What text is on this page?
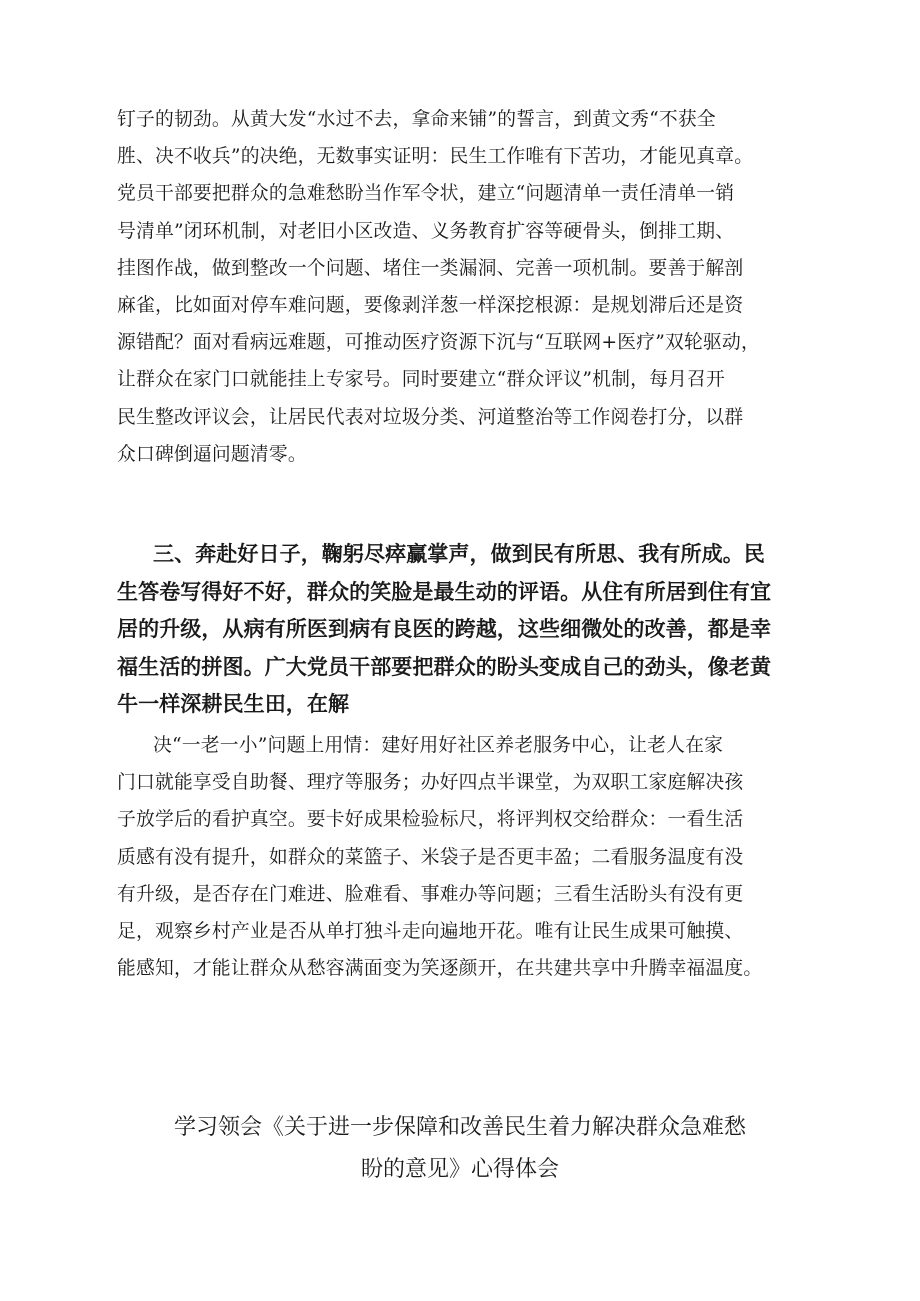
钉子的韧劲。从黄大发“水过不去，拿命来铺”的誓言，到黄文秀“不获全
胜、决不收兵”的决绝，无数事实证明：民生工作唯有下苦功，才能见真章。
党员干部要把群众的急难愁盼当作军令状，建立“问题清单一责任清单一销
号清单”闭环机制，对老旧小区改造、义务教育扩容等硬骨头，倒排工期、
挂图作战，做到整改一个问题、堵住一类漏洞、完善一项机制。要善于解剖
麻雀，比如面对停车难问题，要像剥洋葱一样深挖根源：是规划滞后还是资
源错配？面对看病远难题，可推动医疗资源下沉与“互联网+医疗”双轮驱动，
让群众在家门口就能挂上专家号。同时要建立“群众评议”机制，每月召开
民生整改评议会，让居民代表对垃圾分类、河道整治等工作阅卷打分，以群
众口碑倒逼问题清零。
三、奔赴好日子，鞠躬尽瘁赢掌声，做到民有所思、我有所成。民
生答卷写得好不好，群众的笑脸是最生动的评语。从住有所居到住有宜
居的升级，从病有所医到病有良医的跨越，这些细微处的改善，都是幸
福生活的拼图。广大党员干部要把群众的盼头变成自己的劲头，像老黄
牛一样深耕民生田，在解
决“一老一小”问题上用情：建好用好社区养老服务中心，让老人在家
门口就能享受自助餐、理疗等服务；办好四点半课堂，为双职工家庭解决孩
子放学后的看护真空。要卡好成果检验标尺，将评判权交给群众：一看生活
质感有没有提升，如群众的菜篮子、米袋子是否更丰盈；二看服务温度有没
有升级，是否存在门难进、脸难看、事难办等问题；三看生活盼头有没有更
足，观察乡村产业是否从单打独斗走向遍地开花。唯有让民生成果可触摸、
能感知，才能让群众从愁容满面变为笑逐颜开，在共建共享中升腾幸福温度。
学习领会《关于进一步保障和改善民生着力解决群众急难愁
盼的意见》心得体会
